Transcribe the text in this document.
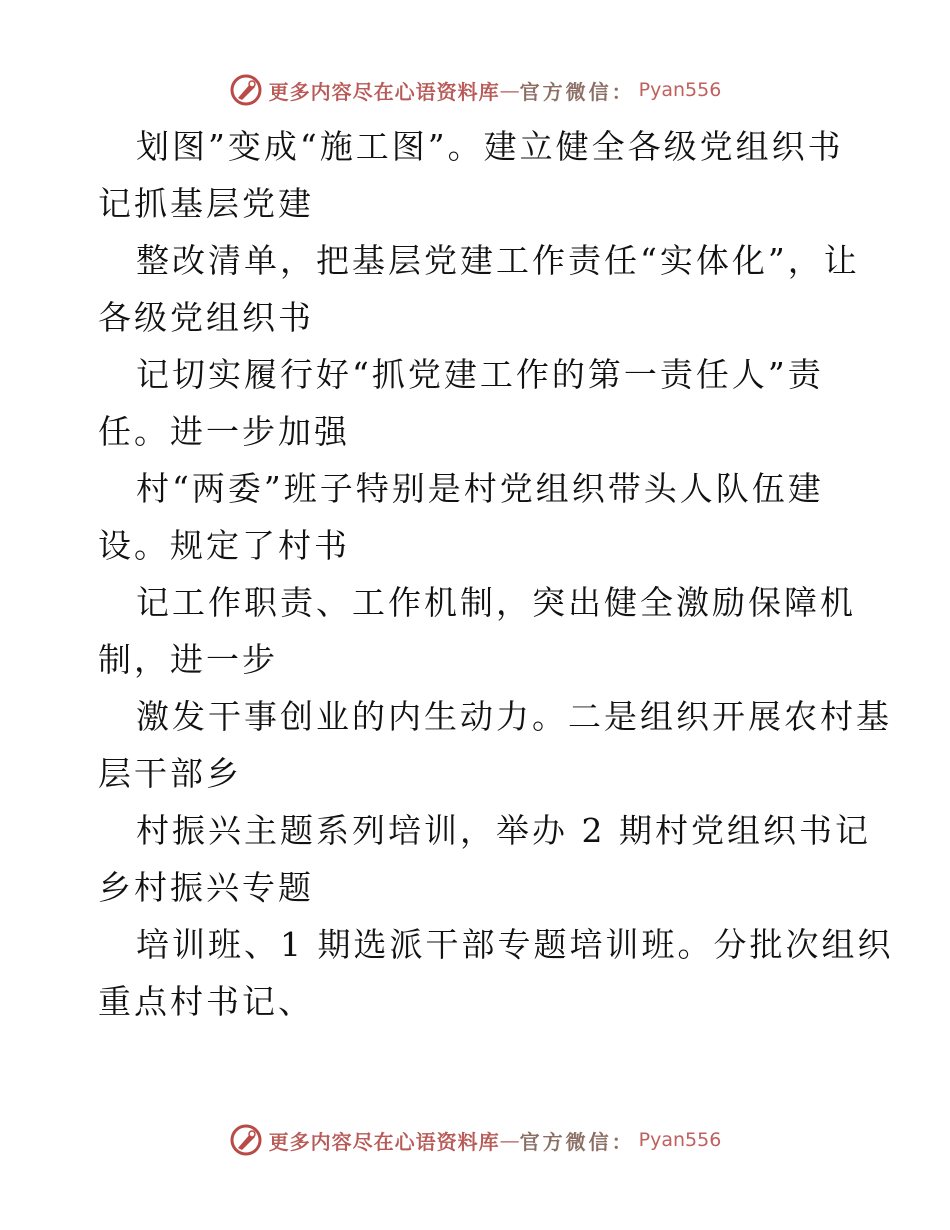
更多内容尽在心语资料库 — 官方微信： Pyan556
划图”变成“施工图”。建立健全各级党组织书
记抓基层党建
整改清单，把基层党建工作责任“实体化”，让
各级党组织书
记切实履行好“抓党建工作的第一责任人”责
任。进一步加强
村“两委”班子特别是村党组织带头人队伍建
设。规定了村书
记工作职责、工作机制，突出健全激励保障机
制，进一步
激发干事创业的内生动力。二是组织开展农村基
层干部乡
村振兴主题系列培训，举办 2 期村党组织书记
乡村振兴专题
培训班、1 期选派干部专题培训班。分批次组织
重点村书记、
更多内容尽在心语资料库 — 官方微信： Pyan556
